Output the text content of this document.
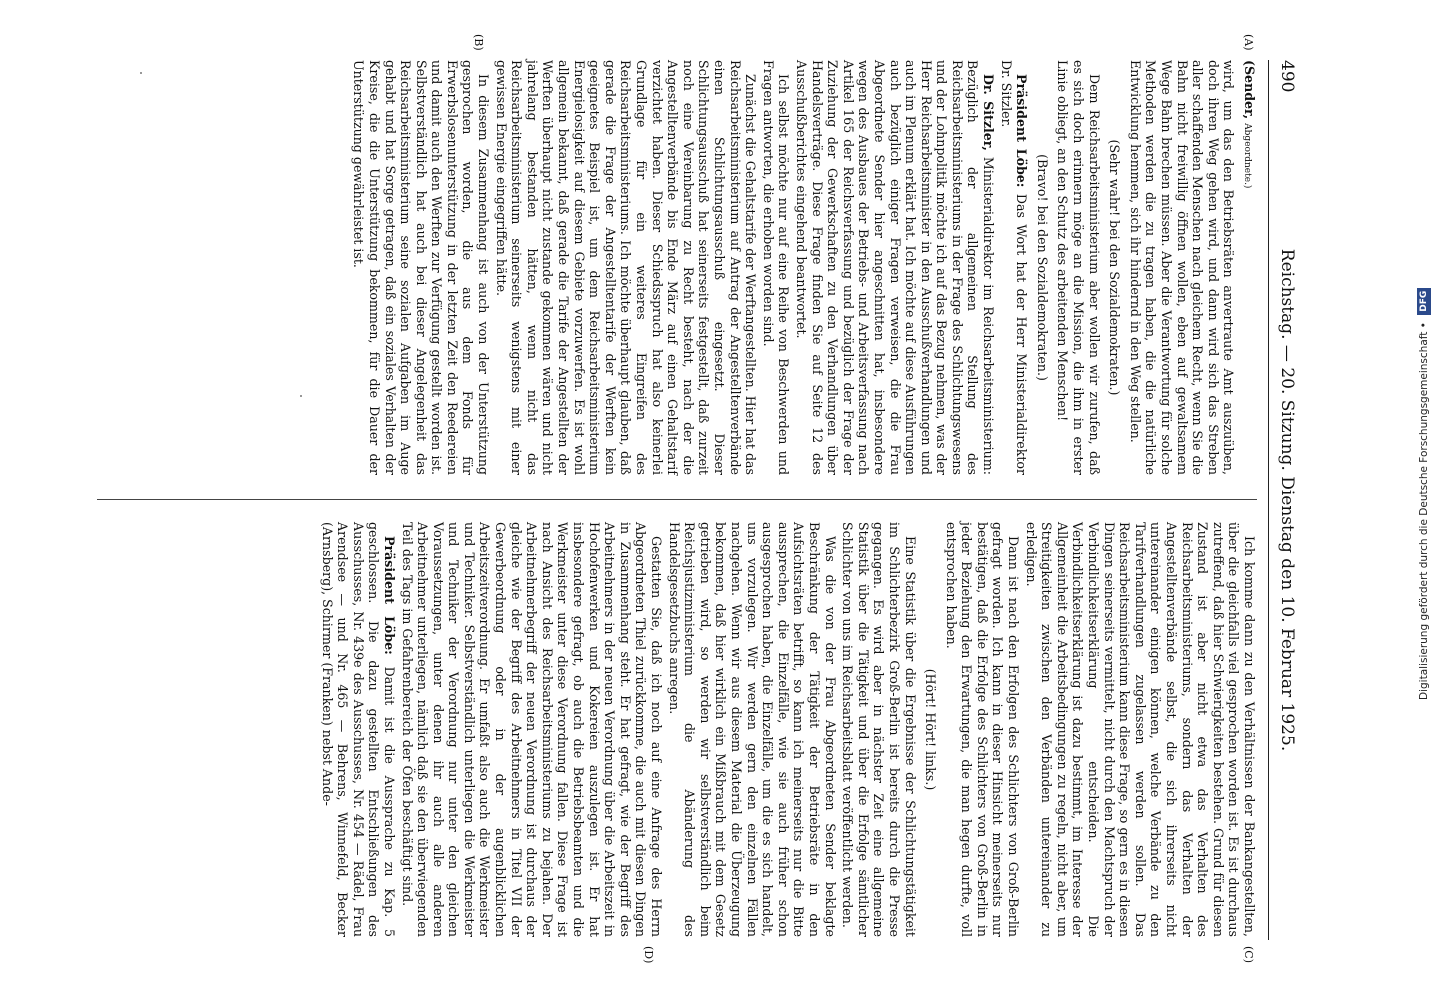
490
Reichstag. — 20. Sitzung. Dienstag den 10. Februar 1925.
(A)
(B)
(C)
(D)

(Sender, Abgeordnete.)

wird, um das den Betriebsräten anvertraute Amt auszuüben, doch ihren Weg gehen wird, und dann wird sich das Streben aller schaffenden Menschen nach gleichem Recht, wenn Sie die Bahn nicht freiwillig öffnen wollen, eben auf gewaltsamem Wege Bahn brechen müssen. Aber die Verantwortung für solche Methoden werden die zu tragen haben, die die natürliche Entwicklung hemmen, sich ihr hindernd in den Weg stellen.

(Sehr wahr! bei den Sozialdemokraten.)

Dem Reichsarbeitsministerium aber wollen wir zurufen, daß es sich doch erinnern möge an die Mission, die ihm in erster Linie obliegt, an den Schutz des arbeitenden Menschen!

(Bravo! bei den Sozialdemokraten.)

Präsident Löbe: Das Wort hat der Herr Ministerialdirektor Dr. Sitzler.

Dr. Sitzler, Ministerialdirektor im Reichsarbeitsministerium: Bezüglich der allgemeinen Stellung des Reichsarbeitsministeriums in der Frage des Schlichtungswesens und der Lohnpolitik möchte ich auf das Bezug nehmen, was der Herr Reichsarbeitsminister in den Ausschußverhandlungen und auch im Plenum erklärt hat. Ich möchte auf diese Ausführungen auch bezüglich einiger Fragen verweisen, die die Frau Abgeordnete Sender hier angeschnitten hat, insbesondere wegen des Ausbaues der Betriebs- und Arbeitsverfassung nach Artikel 165 der Reichsverfassung und bezüglich der Frage der Zuziehung der Gewerkschaften zu den Verhandlungen über Handelsverträge. Diese Frage finden Sie auf Seite 12 des Ausschußberichtes eingehend beantwortet.

Ich selbst möchte nur auf eine Reihe von Beschwerden und Fragen antworten, die erhoben worden sind.

Zunächst die Gehaltstarife der Werftangestellten. Hier hat das Reichsarbeitsministerium auf Antrag der Angestelltenverbände einen Schlichtungsausschuß eingesetzt. Dieser Schlichtungsausschuß hat seinerseits festgestellt, daß zurzeit noch eine Vereinbarung zu Recht besteht, nach der die Angestelltenverbände bis Ende März auf einen Gehaltstarif verzichtet haben. Dieser Schiedsspruch hat also keinerlei Grundlage für ein weiteres Eingreifen des Reichsarbeitsministeriums. Ich möchte überhaupt glauben, daß gerade die Frage der Angestelltentarife der Werften kein geeignetes Beispiel ist, um dem Reichsarbeitsministerium Energielosigkeit auf diesem Gebiete vorzuwerfen. Es ist wohl allgemein bekannt, daß gerade die Tarife der Angestellten der Werften überhaupt nicht zustande gekommen wären und nicht jahrelang bestanden hätten, wenn nicht das Reichsarbeitsministerium seinerseits wenigstens mit einer gewissen Energie eingegriffen hätte.

In diesem Zusammenhang ist auch von der Unterstützung gesprochen worden, die aus dem Fonds für Erwerbslosenunterstützung in der letzten Zeit den Reedereien und damit auch den Werften zur Verfügung gestellt worden ist. Selbstverständlich hat auch bei dieser Angelegenheit das Reichsarbeitsministerium seine sozialen Aufgaben im Auge gehabt und hat Sorge getragen, daß ein soziales Verhalten der Kreise, die die Unterstützung bekommen, für die Dauer der Unterstützung gewährleistet ist.

Ich komme dann zu den Verhältnissen der Bankangestellten, über die gleichfalls viel gesprochen worden ist. Es ist durchaus zutreffend, daß hier Schwierigkeiten bestehen. Grund für diesen Zustand ist aber nicht etwa das Verhalten des Reichsarbeitsministeriums, sondern das Verhalten der Angestelltenverbände selbst, die sich ihrerseits nicht untereinander einigen können, welche Verbände zu den Tarifverhandlungen zugelassen werden sollen. Das Reichsarbeitsministerium kann diese Frage, so gern es in diesen Dingen seinerseits vermittelt, nicht durch den Machtspruch der Verbindlichkeitserklärung entscheiden. Die Verbindlichkeitserklärung ist dazu bestimmt, im Interesse der Allgemeinheit die Arbeitsbedingungen zu regeln, nicht aber, um Streitigkeiten zwischen den Verbänden untereinander zu erledigen.

Dann ist nach den Erfolgen des Schlichters von Groß-Berlin gefragt worden. Ich kann in dieser Hinsicht meinerseits nur bestätigen, daß die Erfolge des Schlichters von Groß-Berlin in jeder Beziehung den Erwartungen, die man hegen durfte, voll entsprochen haben.

(Hört! Hört! links.)

Eine Statistik über die Ergebnisse der Schlichtungstätigkeit im Schlichterbezirk Groß-Berlin ist bereits durch die Presse gegangen. Es wird aber in nächster Zeit eine allgemeine Statistik über die Tätigkeit und über die Erfolge sämtlicher Schlichter von uns im Reichsarbeitsblatt veröffentlicht werden.

Was die von der Frau Abgeordneten Sender beklagte Beschränkung der Tätigkeit der Betriebsräte in den Aufsichtsräten betrifft, so kann ich meinerseits nur die Bitte aussprechen, die Einzelfälle, wie sie auch früher schon ausgesprochen haben, die Einzelfälle, um die es sich handelt, uns vorzulegen. Wir werden gern den einzelnen Fällen nachgehen. Wenn wir aus diesem Material die Überzeugung bekommen, daß hier wirklich ein Mißbrauch mit dem Gesetz getrieben wird, so werden wir selbstverständlich beim Reichsjustizministerium die Abänderung des Handelsgesetzbuchs anregen.

Gestatten Sie, daß ich noch auf eine Anfrage des Herrn Abgeordneten Thiel zurückkomme, die auch mit diesen Dingen in Zusammenhang steht. Er hat gefragt, wie der Begriff des Arbeitnehmers in der neuen Verordnung über die Arbeitszeit in Hochofenwerken und Kokereien auszulegen ist. Er hat insbesondere gefragt, ob auch die Betriebsbeamten und die Werkmeister unter diese Verordnung fallen. Diese Frage ist nach Ansicht des Reichsarbeitsministeriums zu bejahen. Der Arbeitnehmerbegriff der neuen Verordnung ist durchaus der gleiche wie der Begriff des Arbeitnehmers in Titel VII der Gewerbeordnung oder in der augenblicklichen Arbeitszeitverordnung. Er umfaßt also auch die Werkmeister und Techniker. Selbstverständlich unterliegen die Werkmeister und Techniker der Verordnung nur unter den gleichen Voraussetzungen, unter denen ihr auch alle anderen Arbeitnehmer unterliegen, nämlich daß sie den überwiegenden Teil des Tags im Gefahrenbereich der Öfen beschäftigt sind.

Präsident Löbe: Damit ist die Aussprache zu Kap. 5 geschlossen. Die dazu gestellten Entschließungen des Ausschusses, Nr. 439e des Ausschusses, Nr. 454 — Rädel, Frau Arendsee — und Nr. 465 — Behrens, Winnefeld, Becker (Arnsberg), Schirmer (Franken) nebst Ande-	Digitalisierung gefördert durch die Deutsche Forschungsgemeinschaft • DFG
